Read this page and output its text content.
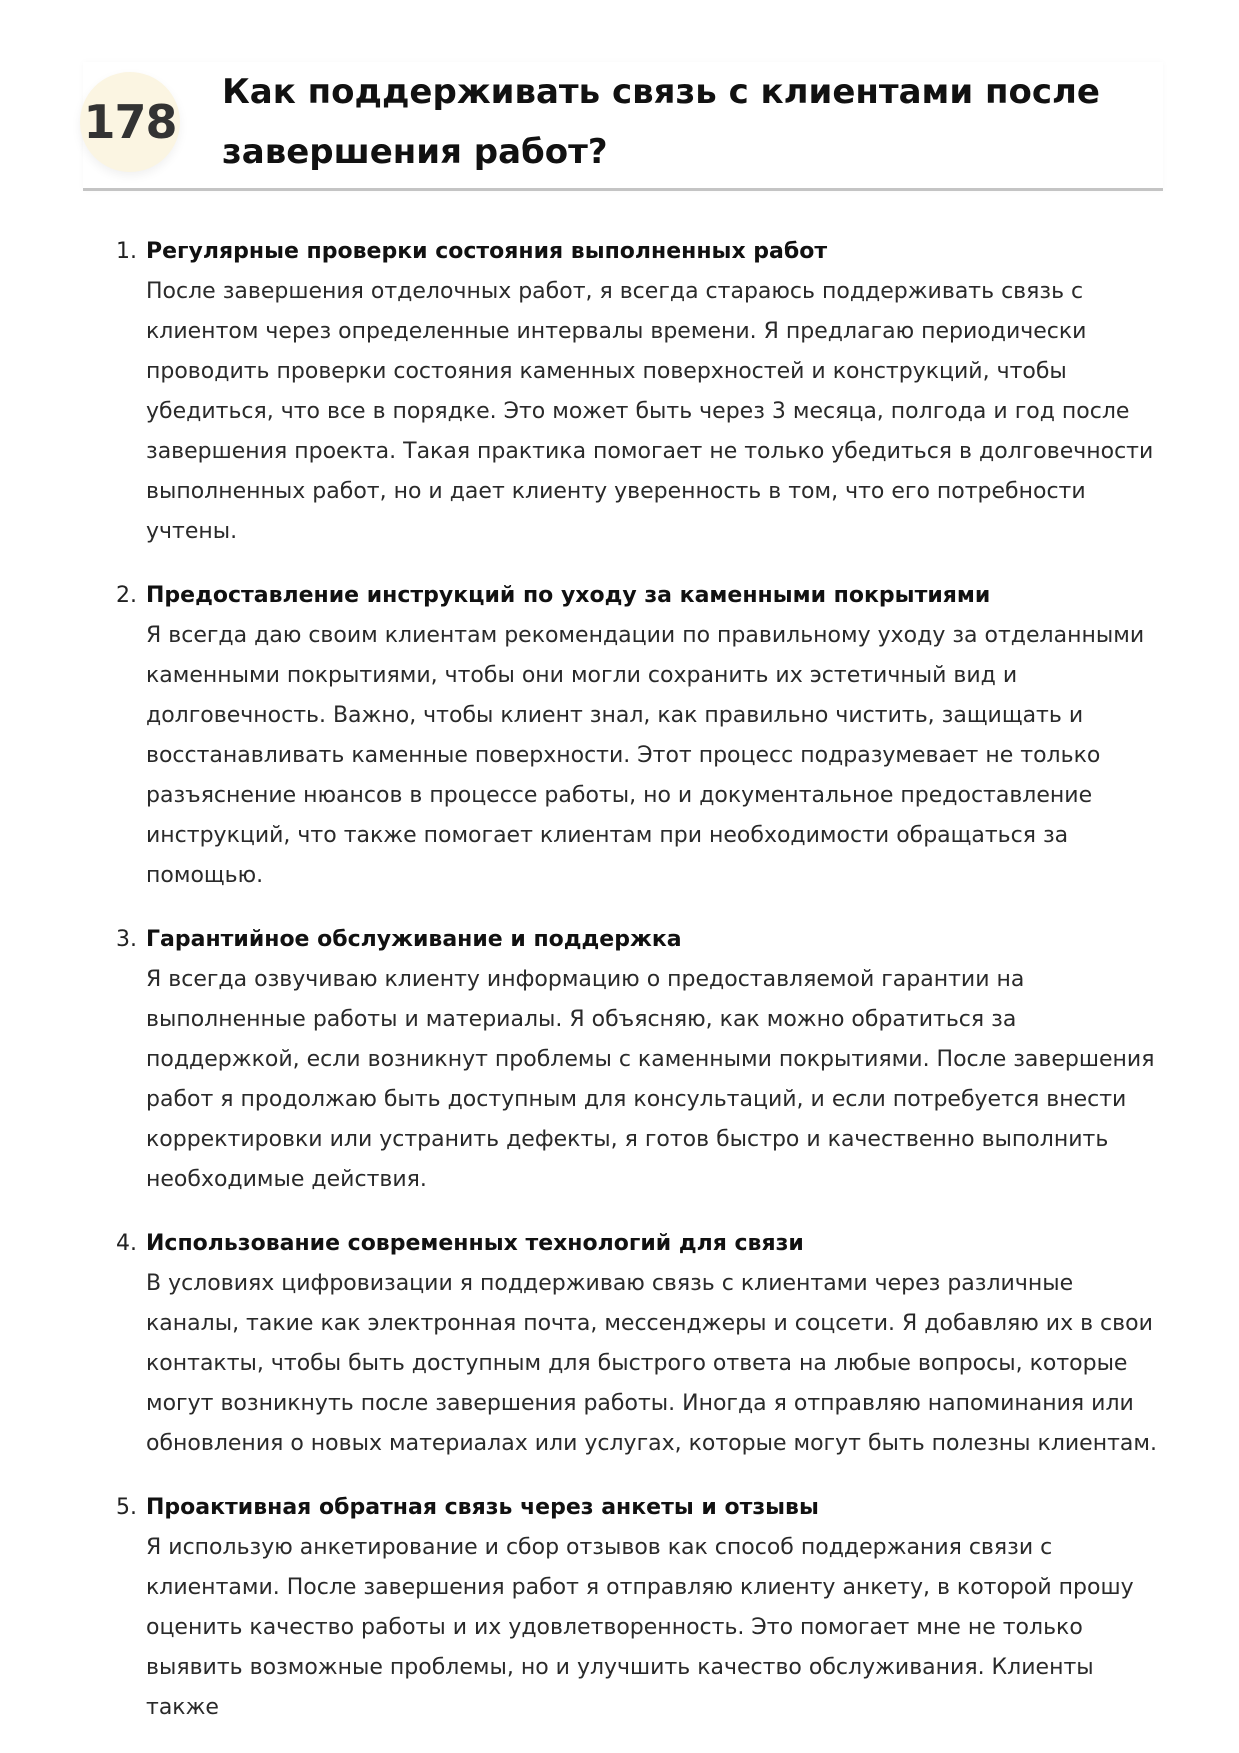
178
Как поддерживать связь с клиентами после завершения работ?
1. Регулярные проверки состояния выполненных работ

После завершения отделочных работ, я всегда стараюсь поддерживать связь с клиентом через определенные интервалы времени. Я предлагаю периодически проводить проверки состояния каменных поверхностей и конструкций, чтобы убедиться, что все в порядке. Это может быть через 3 месяца, полгода и год после завершения проекта. Такая практика помогает не только убедиться в долговечности выполненных работ, но и дает клиенту уверенность в том, что его потребности учтены.

2. Предоставление инструкций по уходу за каменными покрытиями

Я всегда даю своим клиентам рекомендации по правильному уходу за отделанными каменными покрытиями, чтобы они могли сохранить их эстетичный вид и долговечность. Важно, чтобы клиент знал, как правильно чистить, защищать и восстанавливать каменные поверхности. Этот процесс подразумевает не только разъяснение нюансов в процессе работы, но и документальное предоставление инструкций, что также помогает клиентам при необходимости обращаться за помощью.

3. Гарантийное обслуживание и поддержка

Я всегда озвучиваю клиенту информацию о предоставляемой гарантии на выполненные работы и материалы. Я объясняю, как можно обратиться за поддержкой, если возникнут проблемы с каменными покрытиями. После завершения работ я продолжаю быть доступным для консультаций, и если потребуется внести корректировки или устранить дефекты, я готов быстро и качественно выполнить необходимые действия.

4. Использование современных технологий для связи

В условиях цифровизации я поддерживаю связь с клиентами через различные каналы, такие как электронная почта, мессенджеры и соцсети. Я добавляю их в свои контакты, чтобы быть доступным для быстрого ответа на любые вопросы, которые могут возникнуть после завершения работы. Иногда я отправляю напоминания или обновления о новых материалах или услугах, которые могут быть полезны клиентам.

5. Проактивная обратная связь через анкеты и отзывы

Я использую анкетирование и сбор отзывов как способ поддержания связи с клиентами. После завершения работ я отправляю клиенту анкету, в которой прошу оценить качество работы и их удовлетворенность. Это помогает мне не только выявить возможные проблемы, но и улучшить качество обслуживания. Клиенты также
